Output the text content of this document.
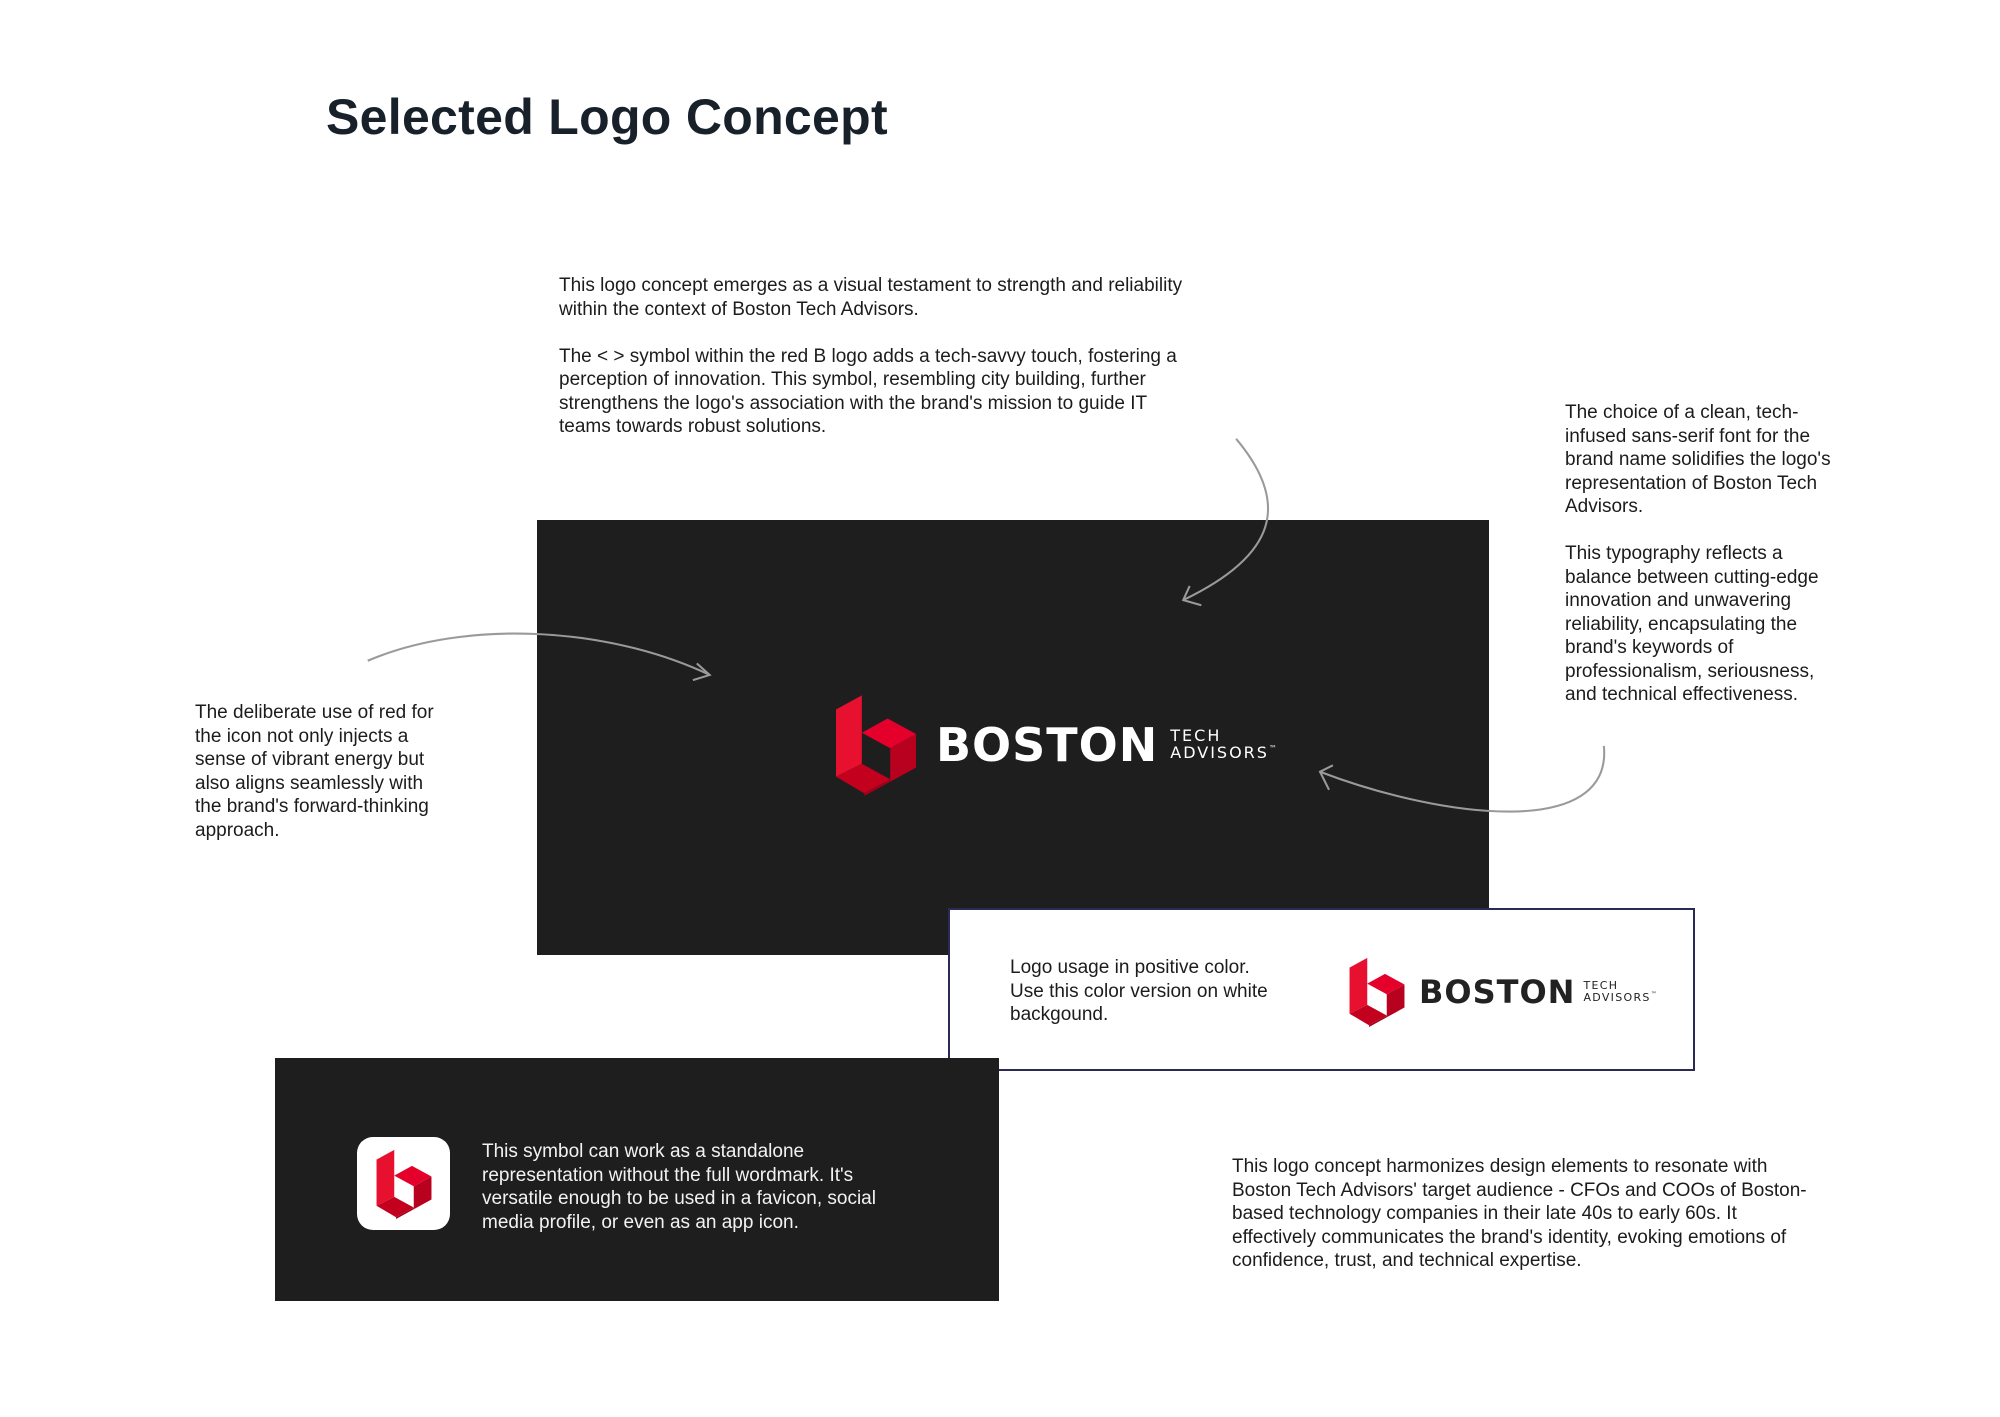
Selected Logo Concept

This logo concept emerges as a visual testament to strength and reliability within the context of Boston Tech Advisors.

The < > symbol within the red B logo adds a tech-savvy touch, fostering a perception of innovation. This symbol, resembling city building, further strengthens the logo's association with the brand's mission to guide IT teams towards robust solutions.

The choice of a clean, tech-infused sans-serif font for the brand name solidifies the logo's representation of Boston Tech Advisors.

This typography reflects a balance between cutting-edge innovation and unwavering reliability, encapsulating the brand's keywords of professionalism, seriousness, and technical effectiveness.

The deliberate use of red for the icon not only injects a sense of vibrant energy but also aligns seamlessly with the brand's forward-thinking approach.
BOSTON TECH
ADVISORS™
Logo usage in positive color. Use this color version on white backgound.
BOSTON TECH
ADVISORS™
This symbol can work as a standalone representation without the full wordmark. It's versatile enough to be used in a favicon, social media profile, or even as an app icon.
This logo concept harmonizes design elements to resonate with Boston Tech Advisors' target audience - CFOs and COOs of Boston-based technology companies in their late 40s to early 60s. It effectively communicates the brand's identity, evoking emotions of confidence, trust, and technical expertise.
